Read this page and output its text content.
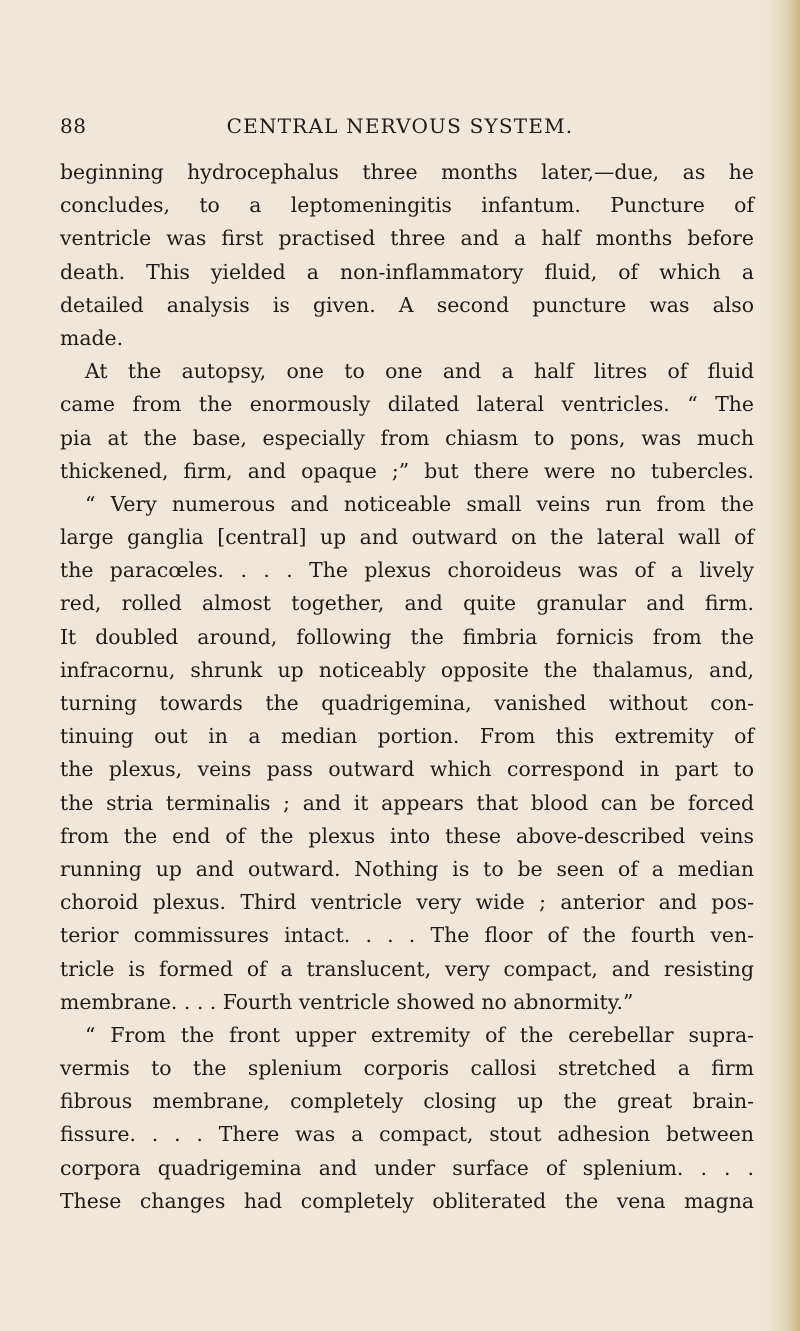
88	CENTRAL NERVOUS SYSTEM.
beginning hydrocephalus three months later,—due, as he
concludes, to a leptomeningitis infantum. Puncture of
ventricle was first practised three and a half months before
death. This yielded a non-inflammatory fluid, of which a
detailed analysis is given. A second puncture was also
made.
At the autopsy, one to one and a half litres of fluid
came from the enormously dilated lateral ventricles. “ The
pia at the base, especially from chiasm to pons, was much
thickened, firm, and opaque ;” but there were no tubercles.
“ Very numerous and noticeable small veins run from the
large ganglia [central] up and outward on the lateral wall of
the paracœles. . . . The plexus choroideus was of a lively
red, rolled almost together, and quite granular and firm.
It doubled around, following the fimbria fornicis from the
infracornu, shrunk up noticeably opposite the thalamus, and,
turning towards the quadrigemina, vanished without con-
tinuing out in a median portion. From this extremity of
the plexus, veins pass outward which correspond in part to
the stria terminalis ; and it appears that blood can be forced
from the end of the plexus into these above-described veins
running up and outward. Nothing is to be seen of a median
choroid plexus. Third ventricle very wide ; anterior and pos-
terior commissures intact. . . . The floor of the fourth ven-
tricle is formed of a translucent, very compact, and resisting
membrane. . . . Fourth ventricle showed no abnormity.”
“ From the front upper extremity of the cerebellar supra-
vermis to the splenium corporis callosi stretched a firm
fibrous membrane, completely closing up the great brain-
fissure. . . . There was a compact, stout adhesion between
corpora quadrigemina and under surface of splenium. . . .
These changes had completely obliterated the vena magna
